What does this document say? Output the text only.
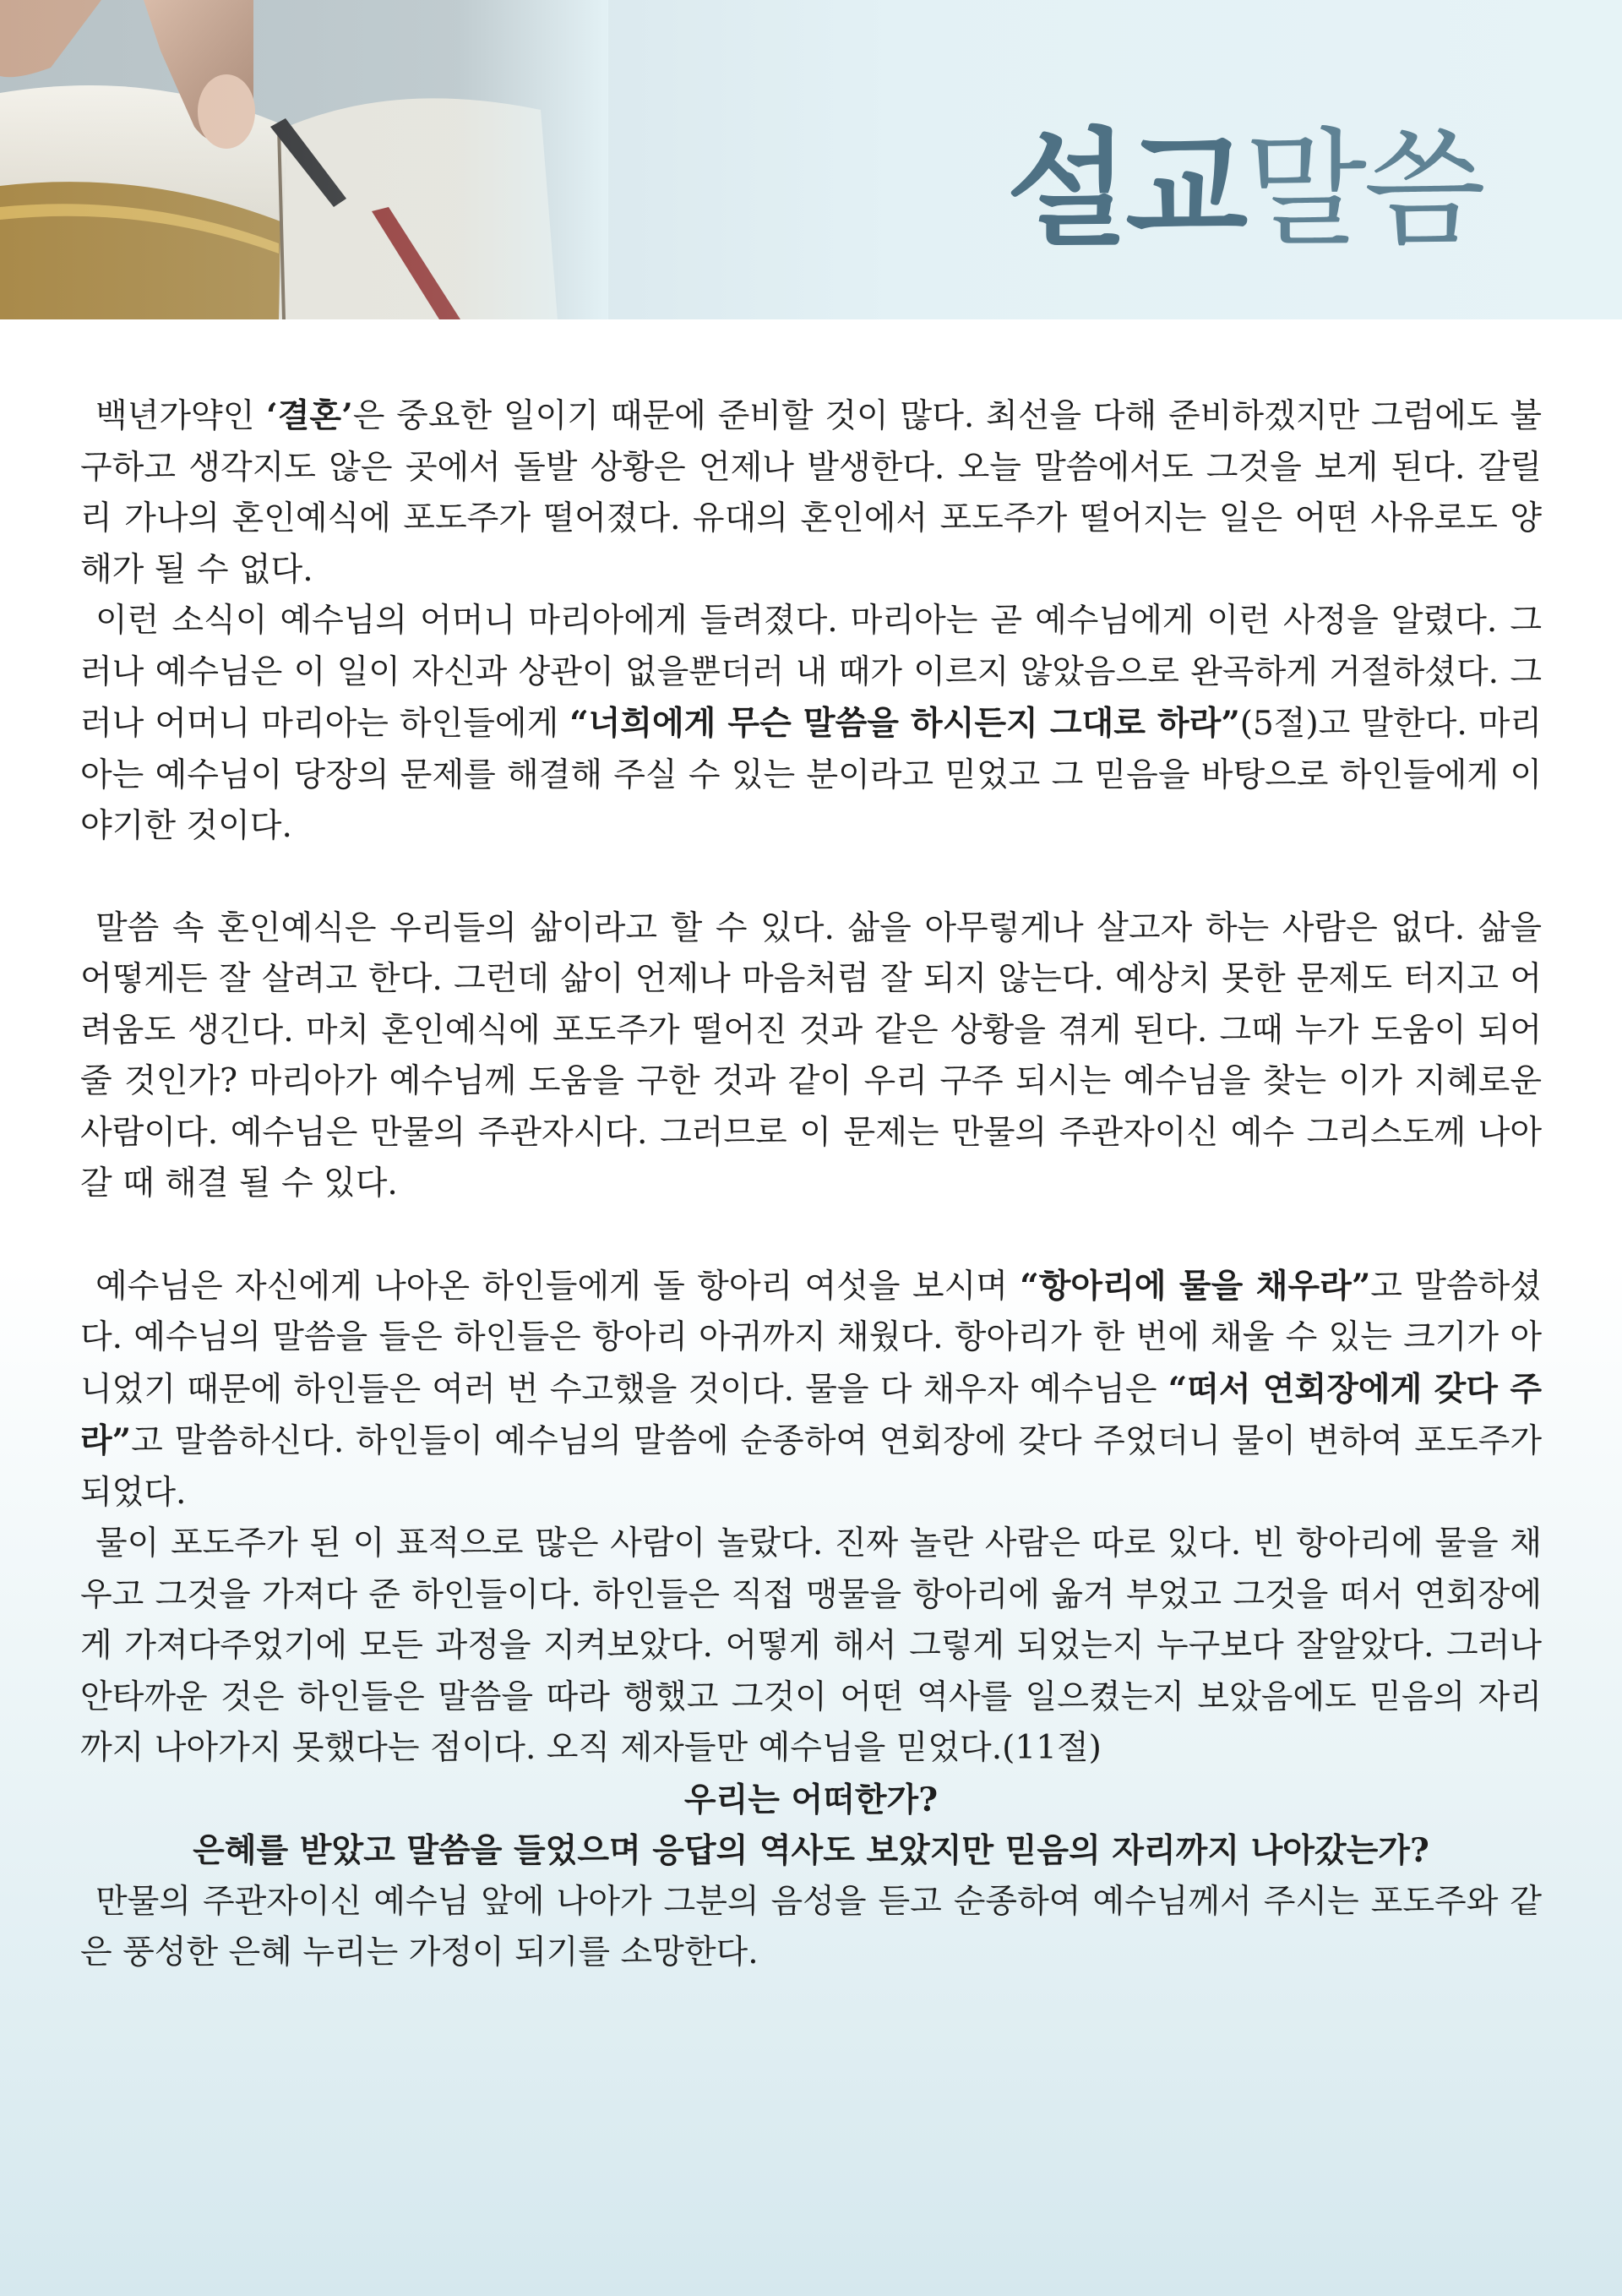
설교말씀

백년가약인 ‘결혼’은 중요한 일이기 때문에 준비할 것이 많다. 최선을 다해 준비하겠지만 그럼에도 불구하고 생각지도 않은 곳에서 돌발 상황은 언제나 발생한다. 오늘 말씀에서도 그것을 보게 된다. 갈릴리 가나의 혼인예식에 포도주가 떨어졌다. 유대의 혼인에서 포도주가 떨어지는 일은 어떤 사유로도 양해가 될 수 없다.

이런 소식이 예수님의 어머니 마리아에게 들려졌다. 마리아는 곧 예수님에게 이런 사정을 알렸다. 그러나 예수님은 이 일이 자신과 상관이 없을뿐더러 내 때가 이르지 않았음으로 완곡하게 거절하셨다. 그러나 어머니 마리아는 하인들에게 “너희에게 무슨 말씀을 하시든지 그대로 하라”(5절)고 말한다. 마리아는 예수님이 당장의 문제를 해결해 주실 수 있는 분이라고 믿었고 그 믿음을 바탕으로 하인들에게 이야기한 것이다.

말씀 속 혼인예식은 우리들의 삶이라고 할 수 있다. 삶을 아무렇게나 살고자 하는 사람은 없다. 삶을 어떻게든 잘 살려고 한다. 그런데 삶이 언제나 마음처럼 잘 되지 않는다. 예상치 못한 문제도 터지고 어려움도 생긴다. 마치 혼인예식에 포도주가 떨어진 것과 같은 상황을 겪게 된다. 그때 누가 도움이 되어줄 것인가? 마리아가 예수님께 도움을 구한 것과 같이 우리 구주 되시는 예수님을 찾는 이가 지혜로운 사람이다. 예수님은 만물의 주관자시다. 그러므로 이 문제는 만물의 주관자이신 예수 그리스도께 나아갈 때 해결 될 수 있다.

예수님은 자신에게 나아온 하인들에게 돌 항아리 여섯을 보시며 “항아리에 물을 채우라”고 말씀하셨다. 예수님의 말씀을 들은 하인들은 항아리 아귀까지 채웠다. 항아리가 한 번에 채울 수 있는 크기가 아니었기 때문에 하인들은 여러 번 수고했을 것이다. 물을 다 채우자 예수님은 “떠서 연회장에게 갖다 주라”고 말씀하신다. 하인들이 예수님의 말씀에 순종하여 연회장에 갖다 주었더니 물이 변하여 포도주가 되었다.

물이 포도주가 된 이 표적으로 많은 사람이 놀랐다. 진짜 놀란 사람은 따로 있다. 빈 항아리에 물을 채우고 그것을 가져다 준 하인들이다. 하인들은 직접 맹물을 항아리에 옮겨 부었고 그것을 떠서 연회장에게 가져다주었기에 모든 과정을 지켜보았다. 어떻게 해서 그렇게 되었는지 누구보다 잘알았다. 그러나 안타까운 것은 하인들은 말씀을 따라 행했고 그것이 어떤 역사를 일으켰는지 보았음에도 믿음의 자리까지 나아가지 못했다는 점이다. 오직 제자들만 예수님을 믿었다.(11절)

우리는 어떠한가?

은혜를 받았고 말씀을 들었으며 응답의 역사도 보았지만 믿음의 자리까지 나아갔는가?

만물의 주관자이신 예수님 앞에 나아가 그분의 음성을 듣고 순종하여 예수님께서 주시는 포도주와 같은 풍성한 은혜 누리는 가정이 되기를 소망한다.
